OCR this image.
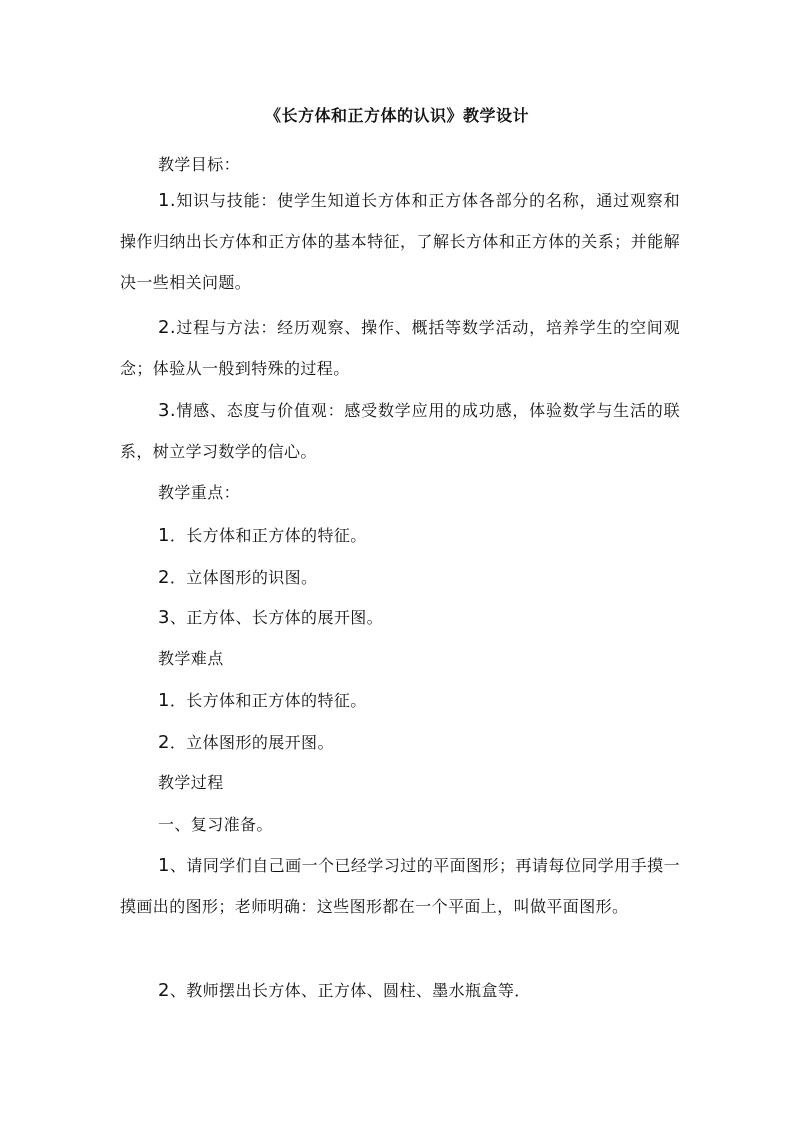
《长方体和正方体的认识》教学设计
教学目标：
1.知识与技能：使学生知道长方体和正方体各部分的名称，通过观察和操作归纳出长方体和正方体的基本特征，了解长方体和正方体的关系；并能解决一些相关问题。
2.过程与方法：经历观察、操作、概括等数学活动，培养学生的空间观念；体验从一般到特殊的过程。
3.情感、态度与价值观：感受数学应用的成功感，体验数学与生活的联系，树立学习数学的信心。
教学重点：
1．长方体和正方体的特征。
2．立体图形的识图。
3、正方体、长方体的展开图。
教学难点
1．长方体和正方体的特征。
2．立体图形的展开图。
教学过程
一、复习准备。
1、请同学们自己画一个已经学习过的平面图形；再请每位同学用手摸一摸画出的图形；老师明确：这些图形都在一个平面上，叫做平面图形。
2、教师摆出长方体、正方体、圆柱、墨水瓶盒等．
